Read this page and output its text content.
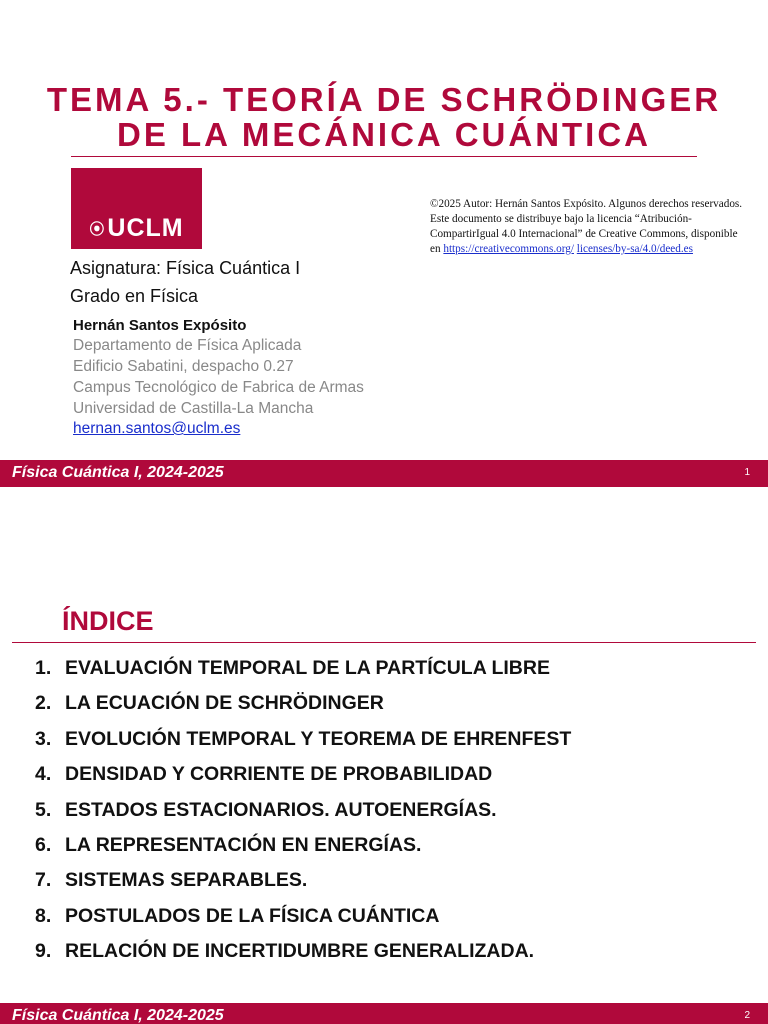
TEMA 5.- TEORÍA DE SCHRÖDINGER
DE LA MECÁNICA CUÁNTICA
⦿UCLM
Asignatura: Física Cuántica I
Grado en Física
Hernán Santos Expósito
Departamento de Física Aplicada
Edificio Sabatini, despacho 0.27
Campus Tecnológico de Fabrica de Armas
Universidad de Castilla-La Mancha
hernan.santos@uclm.es
©2025 Autor: Hernán Santos Expósito. Algunos derechos reservados. Este documento se distribuye bajo la licencia “Atribución-CompartirIgual 4.0 Internacional” de Creative Commons, disponible en https://creativecommons.org/ licenses/by-sa/4.0/deed.es
Física Cuántica I, 2024-2025	1
ÍNDICE
1. EVALUACIÓN TEMPORAL DE LA PARTÍCULA LIBRE
2. LA ECUACIÓN DE SCHRÖDINGER
3. EVOLUCIÓN TEMPORAL Y TEOREMA DE EHRENFEST
4. DENSIDAD Y CORRIENTE DE PROBABILIDAD
5. ESTADOS ESTACIONARIOS. AUTOENERGÍAS.
6. LA REPRESENTACIÓN EN ENERGÍAS.
7. SISTEMAS SEPARABLES.
8. POSTULADOS DE LA FÍSICA CUÁNTICA
9. RELACIÓN DE INCERTIDUMBRE GENERALIZADA.
Física Cuántica I, 2024-2025	2
